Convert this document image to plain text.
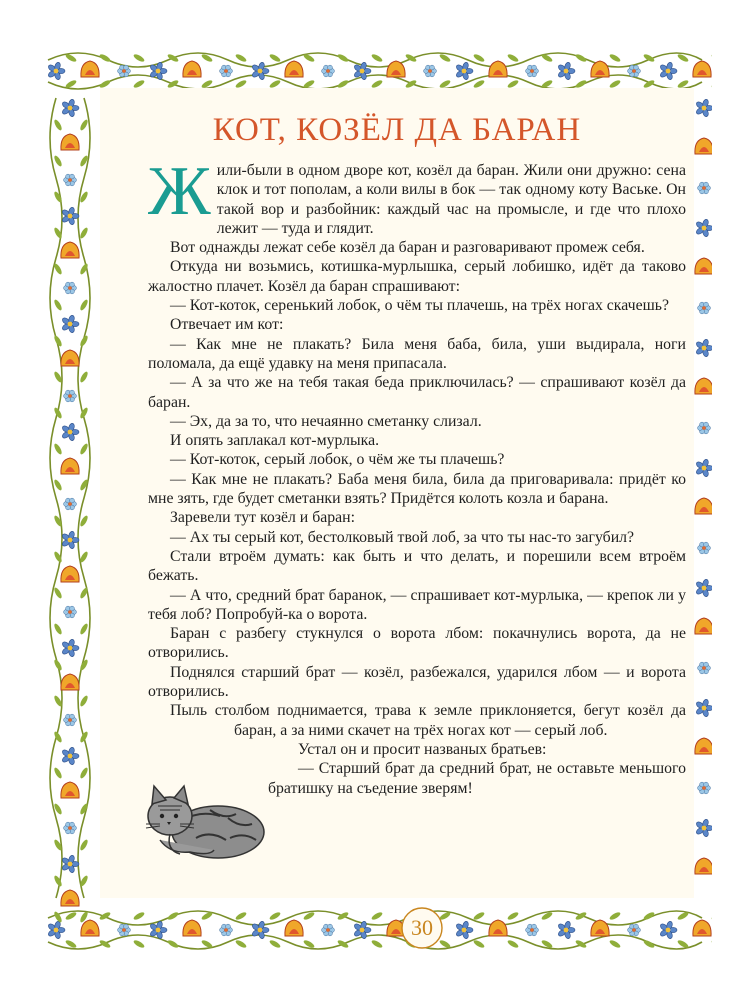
КОТ, КОЗЁЛ ДА БАРАН

Жили-были в одном дворе кот, козёл да баран. Жили они дружно: сена клок и тот пополам, а коли вилы в бок — так одному коту Ваське. Он такой вор и разбойник: каждый час на промысле, и где что плохо лежит — туда и глядит.

Вот однажды лежат себе козёл да баран и разговаривают промеж себя.

Откуда ни возьмись, котишка-мурлышка, серый лобишко, идёт да таково жалостно плачет. Козёл да баран спрашивают:

— Кот-коток, серенький лобок, о чём ты плачешь, на трёх ногах скачешь?

Отвечает им кот:

— Как мне не плакать? Била меня баба, била, уши выдирала, ноги поломала, да ещё удавку на меня припасала.

— А за что же на тебя такая беда приключилась? — спрашивают козёл да баран.

— Эх, да за то, что нечаянно сметанку слизал.

И опять заплакал кот-мурлыка.

— Кот-коток, серый лобок, о чём же ты плачешь?

— Как мне не плакать? Баба меня била, била да приговаривала: придёт ко мне зять, где будет сметанки взять? Придётся колоть козла и барана.

Заревели тут козёл и баран:

— Ах ты серый кот, бестолковый твой лоб, за что ты нас-то загубил?

Стали втроём думать: как быть и что делать, и порешили всем втроём бежать.

— А что, средний брат баранок, — спрашивает кот-мурлыка, — крепок ли у тебя лоб? Попробуй-ка о ворота.

Баран с разбегу стукнулся о ворота лбом: покачнулись ворота, да не отворились.

Поднялся старший брат — козёл, разбежался, ударился лбом — и ворота отворились.

Пыль столбом поднимается, трава к земле приклоняется, бегут козёл да баран, а за ними скачет на трёх ногах кот — серый лоб.

Устал он и просит названых братьев:

— Старший брат да средний брат, не оставьте меньшого братишку на съедение зверям!

30
